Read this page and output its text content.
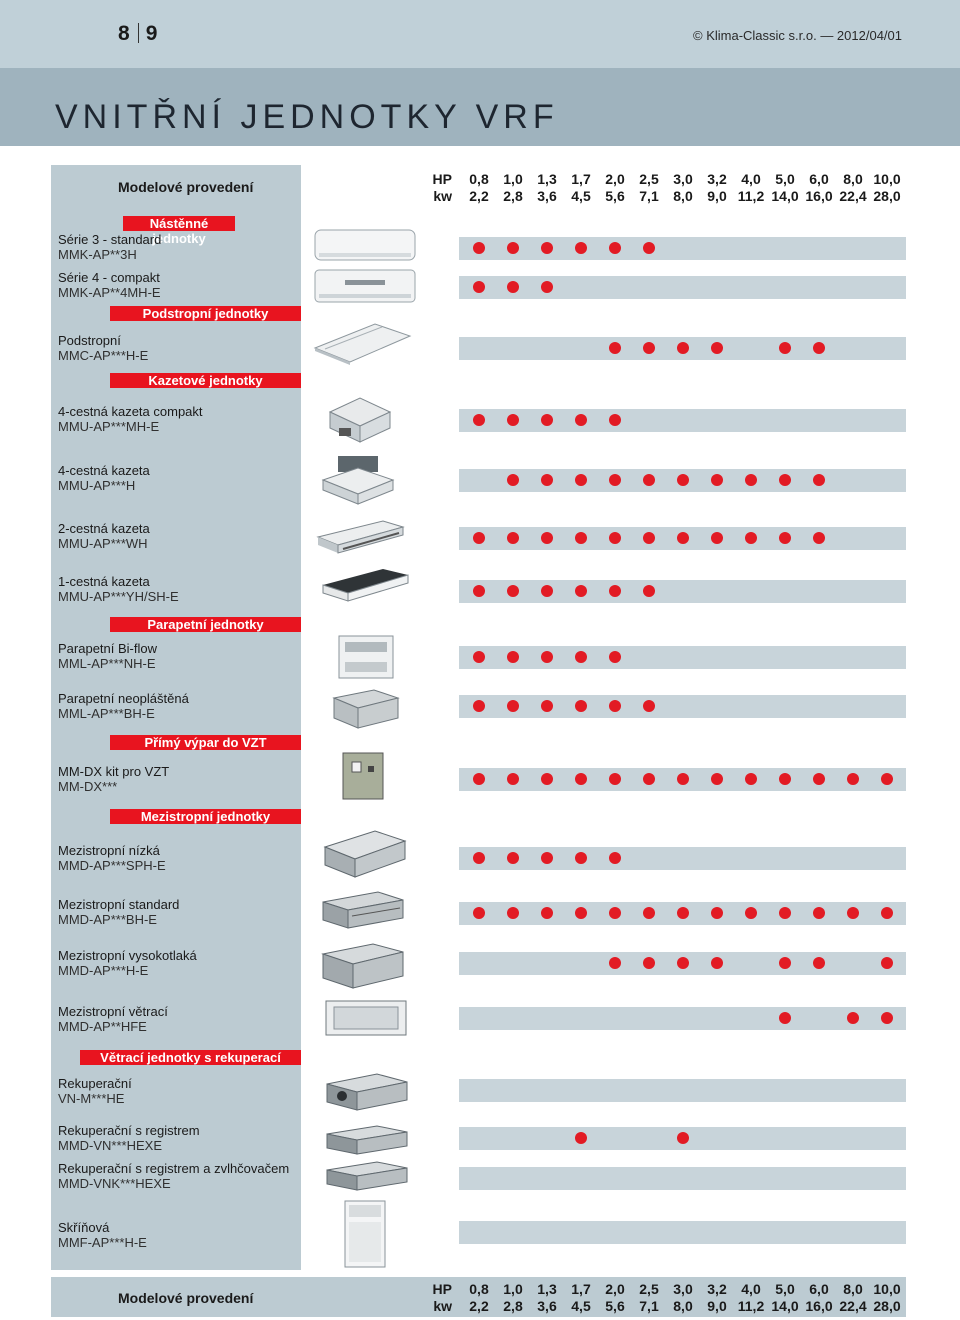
8 9	© Klima-Classic s.r.o. — 2012/04/01
VNITŘNÍ JEDNOTKY VRF
Modelové provedení	HP
kw
0,8
2,2
1,0
2,8
1,3
3,6
1,7
4,5
2,0
5,6
2,5
7,1
3,0
8,0
3,2
9,0
4,0
11,2
5,0
14,0
6,0
16,0
8,0
22,4
10,0
28,0
Modelové provedení
HP
kw
0,8
2,2
1,0
2,8
1,3
3,6
1,7
4,5
2,0
5,6
2,5
7,1
3,0
8,0
3,2
9,0
4,0
11,2
5,0
14,0
6,0
16,0
8,0
22,4
10,0
28,0
Nástěnné jednotky
Podstropní jednotky
Kazetové jednotky
Parapetní jednotky
Přímý výpar do VZT
Mezistropní jednotky
Větrací jednotky s rekuperací
Série 3 - standard
MMK-AP**3H
Série 4 - compakt
MMK-AP**4MH-E
Podstropní
MMC-AP***H-E
4-cestná kazeta compakt
MMU-AP***MH-E
4-cestná kazeta
MMU-AP***H
2-cestná kazeta
MMU-AP***WH
1-cestná kazeta
MMU-AP***YH/SH-E
Parapetní Bi-flow
MML-AP***NH-E
Parapetní neopláštěná
MML-AP***BH-E
MM-DX kit pro VZT
MM-DX***
Mezistropní nízká
MMD-AP***SPH-E
Mezistropní standard
MMD-AP***BH-E
Mezistropní vysokotlaká
MMD-AP***H-E
Mezistropní větrací
MMD-AP**HFE
Rekuperační
VN-M***HE
Rekuperační s registrem
MMD-VN***HEXE
Rekuperační s registrem a zvlhčovačem
MMD-VNK***HEXE
Skříňová
MMF-AP***H-E
